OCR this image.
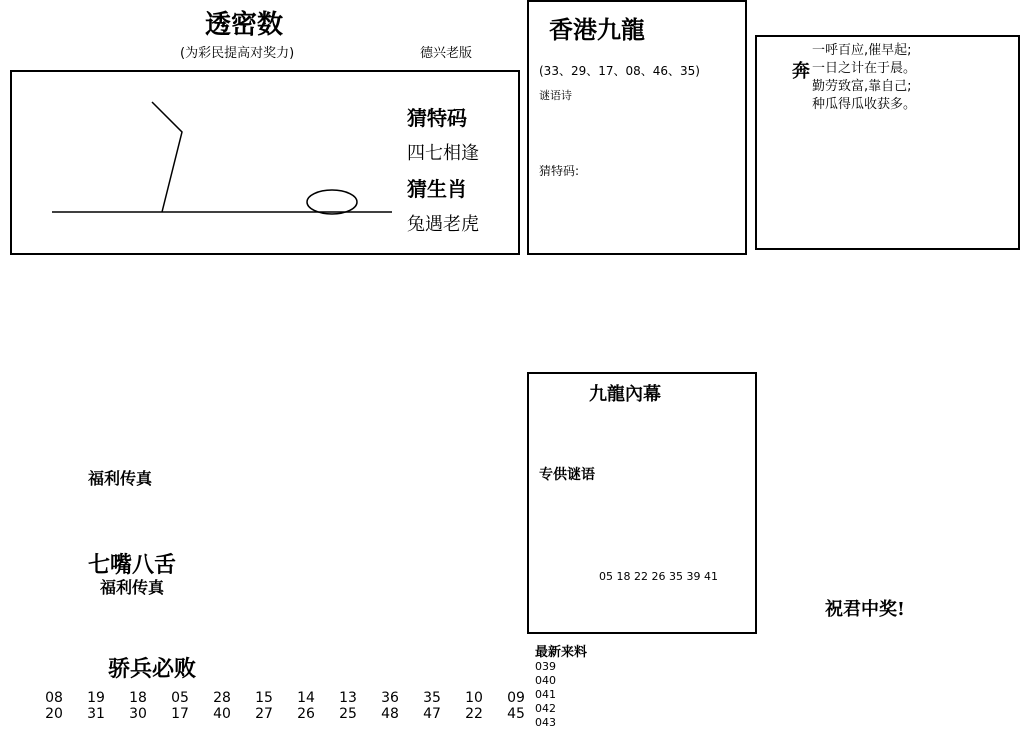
透密数
(为彩民提高对奖力)	德兴老版
猜特码
四七相逢
猜生肖
兔遇老虎
香港九龍
(33、29、17、08、46、35)
谜语诗
猜特码:
奔
一呼百应,催早起;
一日之计在于晨。
勤劳致富,靠自己;
种瓜得瓜收获多。
福利传真
七嘴八舌
福利传真
骄兵必败
九龍內幕
专供谜语
05 18 22 26 35 39 41
祝君中奖!
08	19	18	05	28	15	14	13	36	35	10	09
20	31	30	17	40	27	26	25	48	47	22	45
最新来料
039
040
041
042
043
